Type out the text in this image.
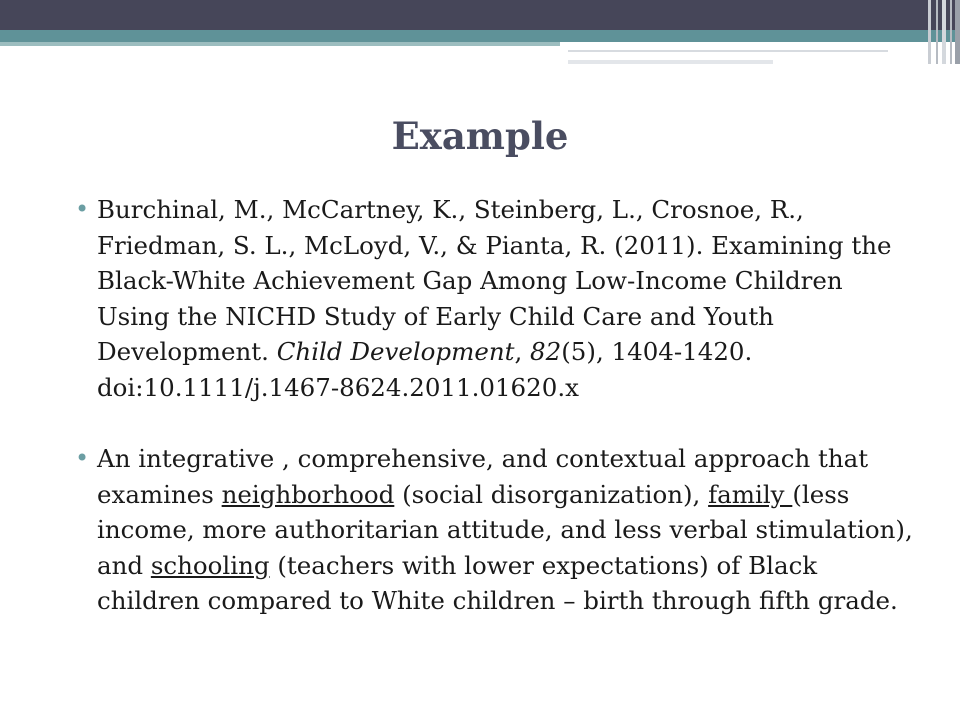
Example
• Burchinal, M., McCartney, K., Steinberg, L., Crosnoe, R., Friedman, S. L., McLoyd, V., & Pianta, R. (2011). Examining the Black-White Achievement Gap Among Low-Income Children Using the NICHD Study of Early Child Care and Youth Development. Child Development, 82(5), 1404-1420. doi:10.1111/j.1467-8624.2011.01620.x
• An integrative , comprehensive, and contextual approach that examines neighborhood (social disorganization), family (less income, more authoritarian attitude, and less verbal stimulation), and schooling (teachers with lower expectations) of Black children compared to White children – birth through fifth grade.
